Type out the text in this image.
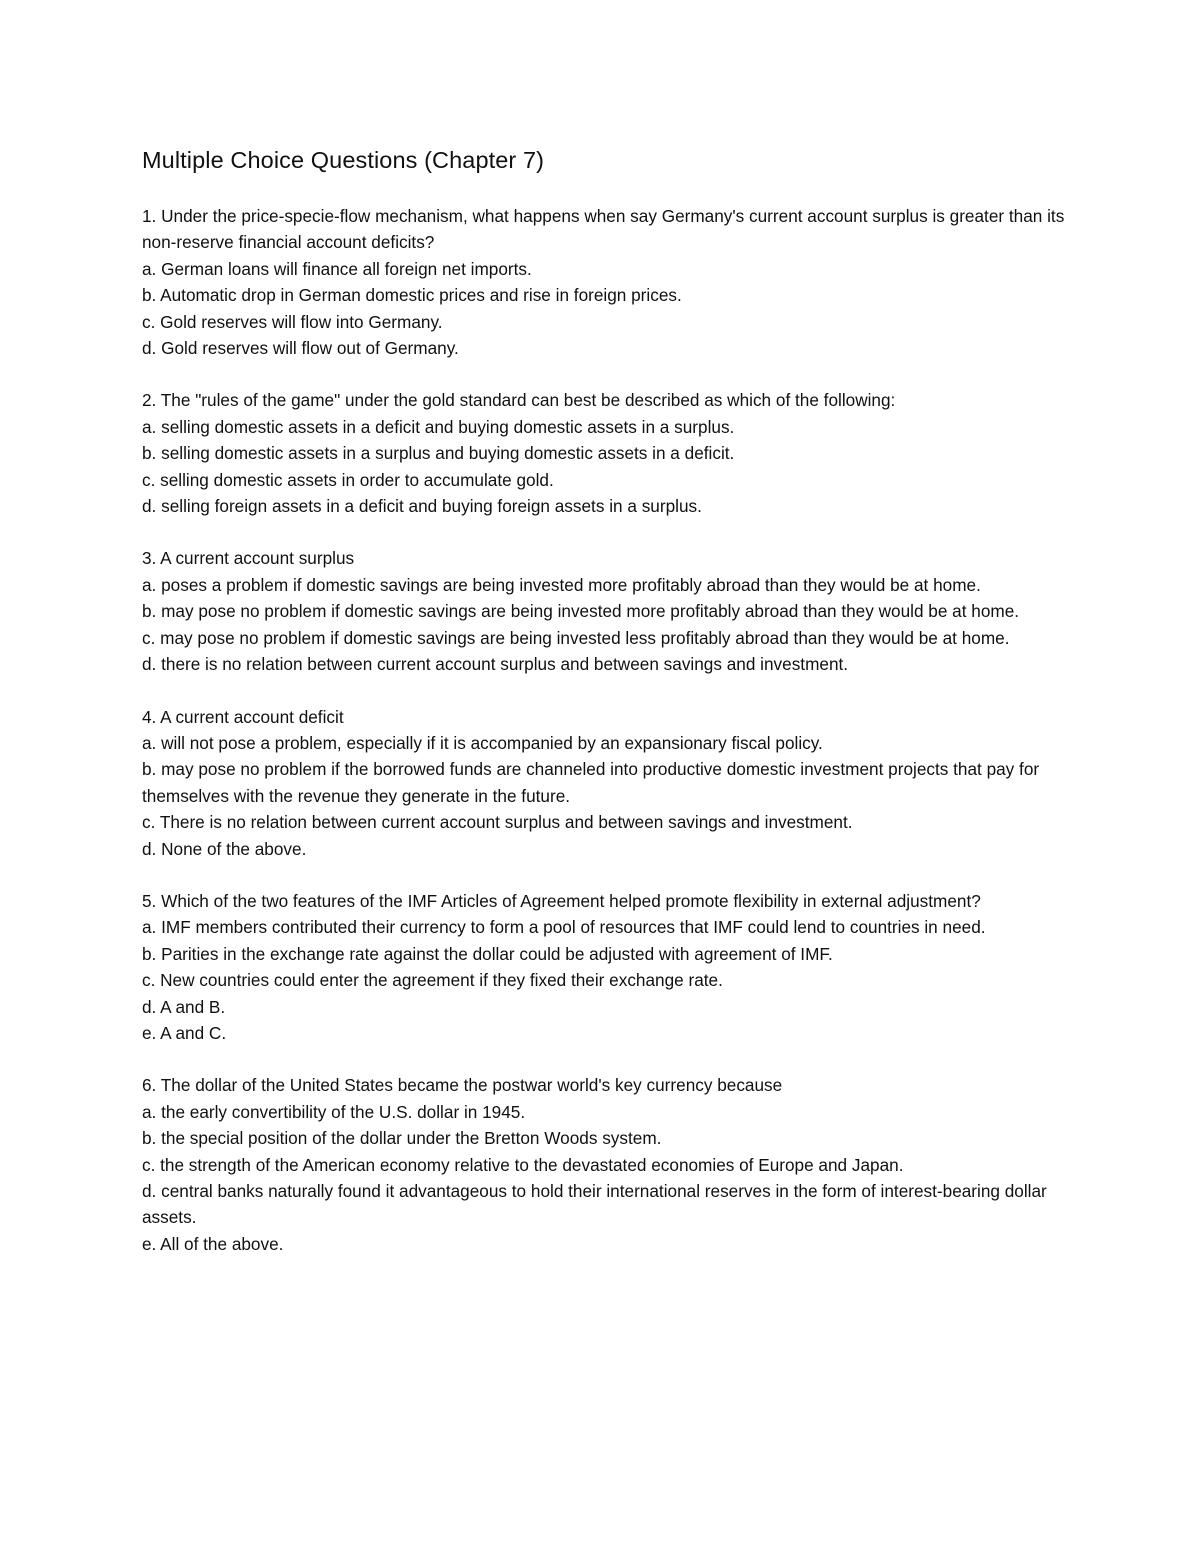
Multiple Choice Questions (Chapter 7)

1. Under the price-specie-flow mechanism, what happens when say Germany's current account surplus is greater than its non-reserve financial account deficits?

a. German loans will finance all foreign net imports.

b. Automatic drop in German domestic prices and rise in foreign prices.

c. Gold reserves will flow into Germany.

d. Gold reserves will flow out of Germany.

2. The "rules of the game" under the gold standard can best be described as which of the following:

a. selling domestic assets in a deficit and buying domestic assets in a surplus.

b. selling domestic assets in a surplus and buying domestic assets in a deficit.

c. selling domestic assets in order to accumulate gold.

d. selling foreign assets in a deficit and buying foreign assets in a surplus.

3. A current account surplus

a. poses a problem if domestic savings are being invested more profitably abroad than they would be at home.

b. may pose no problem if domestic savings are being invested more profitably abroad than they would be at home.

c. may pose no problem if domestic savings are being invested less profitably abroad than they would be at home.

d. there is no relation between current account surplus and between savings and investment.

4. A current account deficit

a. will not pose a problem, especially if it is accompanied by an expansionary fiscal policy.

b. may pose no problem if the borrowed funds are channeled into productive domestic investment projects that pay for themselves with the revenue they generate in the future.

c. There is no relation between current account surplus and between savings and investment.

d. None of the above.

5. Which of the two features of the IMF Articles of Agreement helped promote flexibility in external adjustment?

a. IMF members contributed their currency to form a pool of resources that IMF could lend to countries in need.

b. Parities in the exchange rate against the dollar could be adjusted with agreement of IMF.

c. New countries could enter the agreement if they fixed their exchange rate.

d. A and B.

e. A and C.

6. The dollar of the United States became the postwar world's key currency because

a. the early convertibility of the U.S. dollar in 1945.

b. the special position of the dollar under the Bretton Woods system.

c. the strength of the American economy relative to the devastated economies of Europe and Japan.

d. central banks naturally found it advantageous to hold their international reserves in the form of interest-bearing dollar assets.

e. All of the above.
